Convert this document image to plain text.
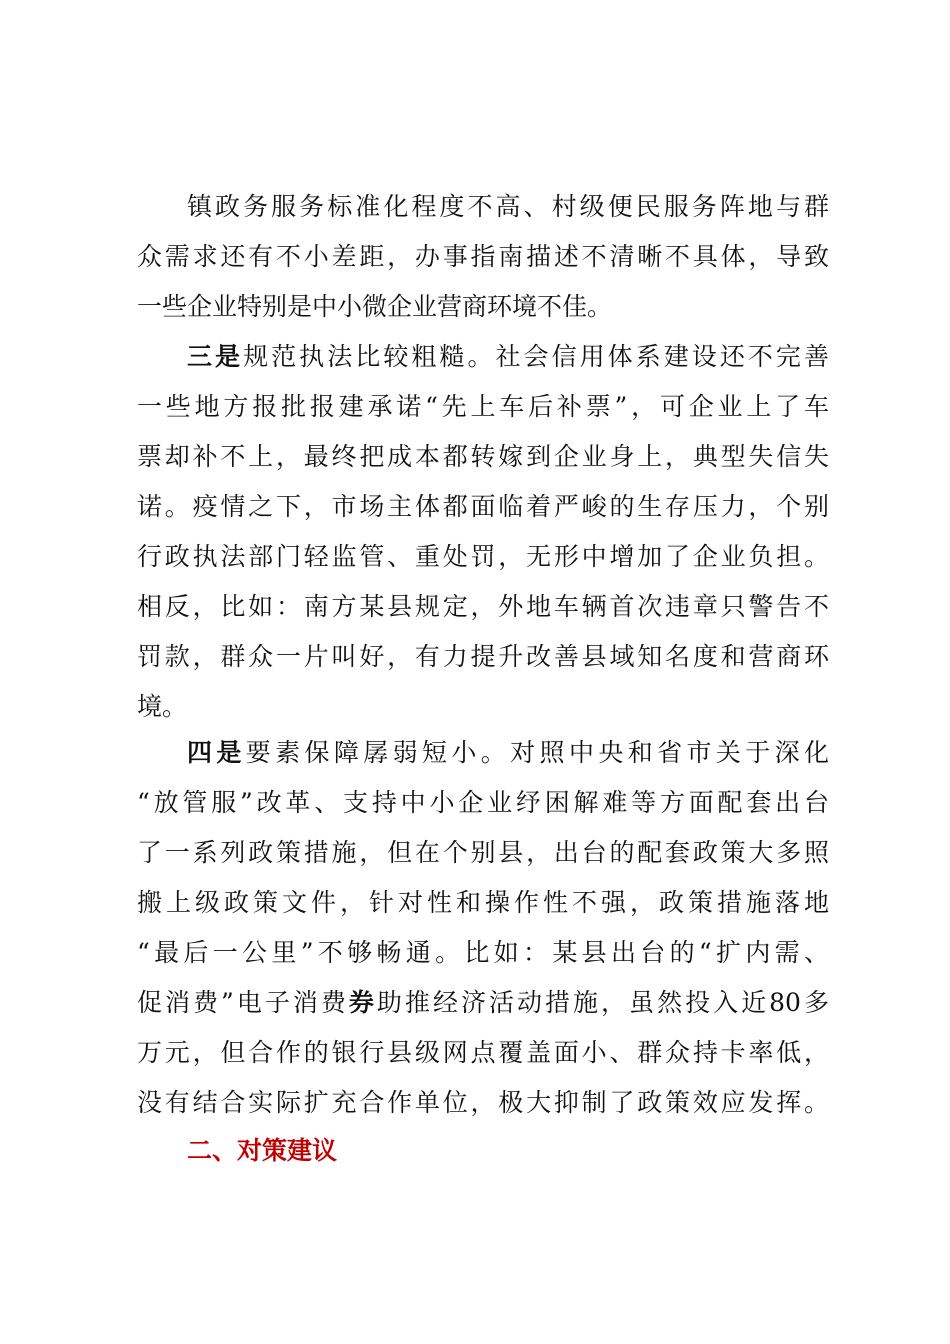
镇政务服务标准化程度不高、村级便民服务阵地与群
众需求还有不小差距，办事指南描述不清晰不具体，导致
一些企业特别是中小微企业营商环境不佳。
三是规范执法比较粗糙。社会信用体系建设还不完善
一些地方报批报建承诺“先上车后补票”，可企业上了车
票却补不上，最终把成本都转嫁到企业身上，典型失信失
诺。疫情之下，市场主体都面临着严峻的生存压力，个别
行政执法部门轻监管、重处罚，无形中增加了企业负担。
相反，比如：南方某县规定，外地车辆首次违章只警告不
罚款，群众一片叫好，有力提升改善县域知名度和营商环
境。
四是要素保障孱弱短小。对照中央和省市关于深化
“放管服”改革、支持中小企业纾困解难等方面配套出台
了一系列政策措施，但在个别县，出台的配套政策大多照
搬上级政策文件，针对性和操作性不强，政策措施落地
“最后一公里”不够畅通。比如：某县出台的“扩内需、
促消费”电子消费券助推经济活动措施，虽然投入近80多
万元，但合作的银行县级网点覆盖面小、群众持卡率低，
没有结合实际扩充合作单位，极大抑制了政策效应发挥。
二、对策建议
